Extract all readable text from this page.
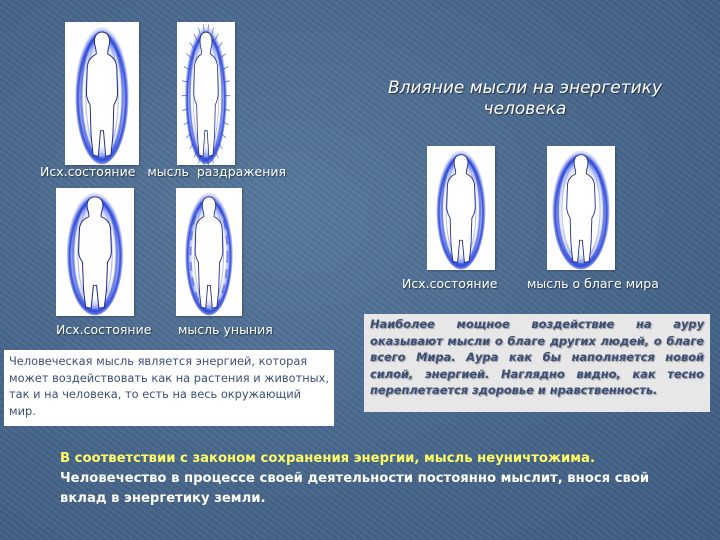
Влияние мысли на энергетику
человека
Исх.состояние   мысль  раздражения
Исх.состояние мысль о благе мира
Исх.состояние мысль уныния
Человеческая мысль является энергией, которая может воздействовать как на растения и животных, так и на человека, то есть на весь окружающий мир.
Наиболее мощное воздействие на ауру оказывают мысли о благе других людей, о благе всего Мира. Аура как бы наполняется новой силой, энергией. Наглядно видно, как тесно переплетается здоровье и нравственность.
В соответствии с законом сохранения энергии, мысль неуничтожима.
Человечество в процессе своей деятельности постоянно мыслит, внося свой вклад в энергетику земли.
